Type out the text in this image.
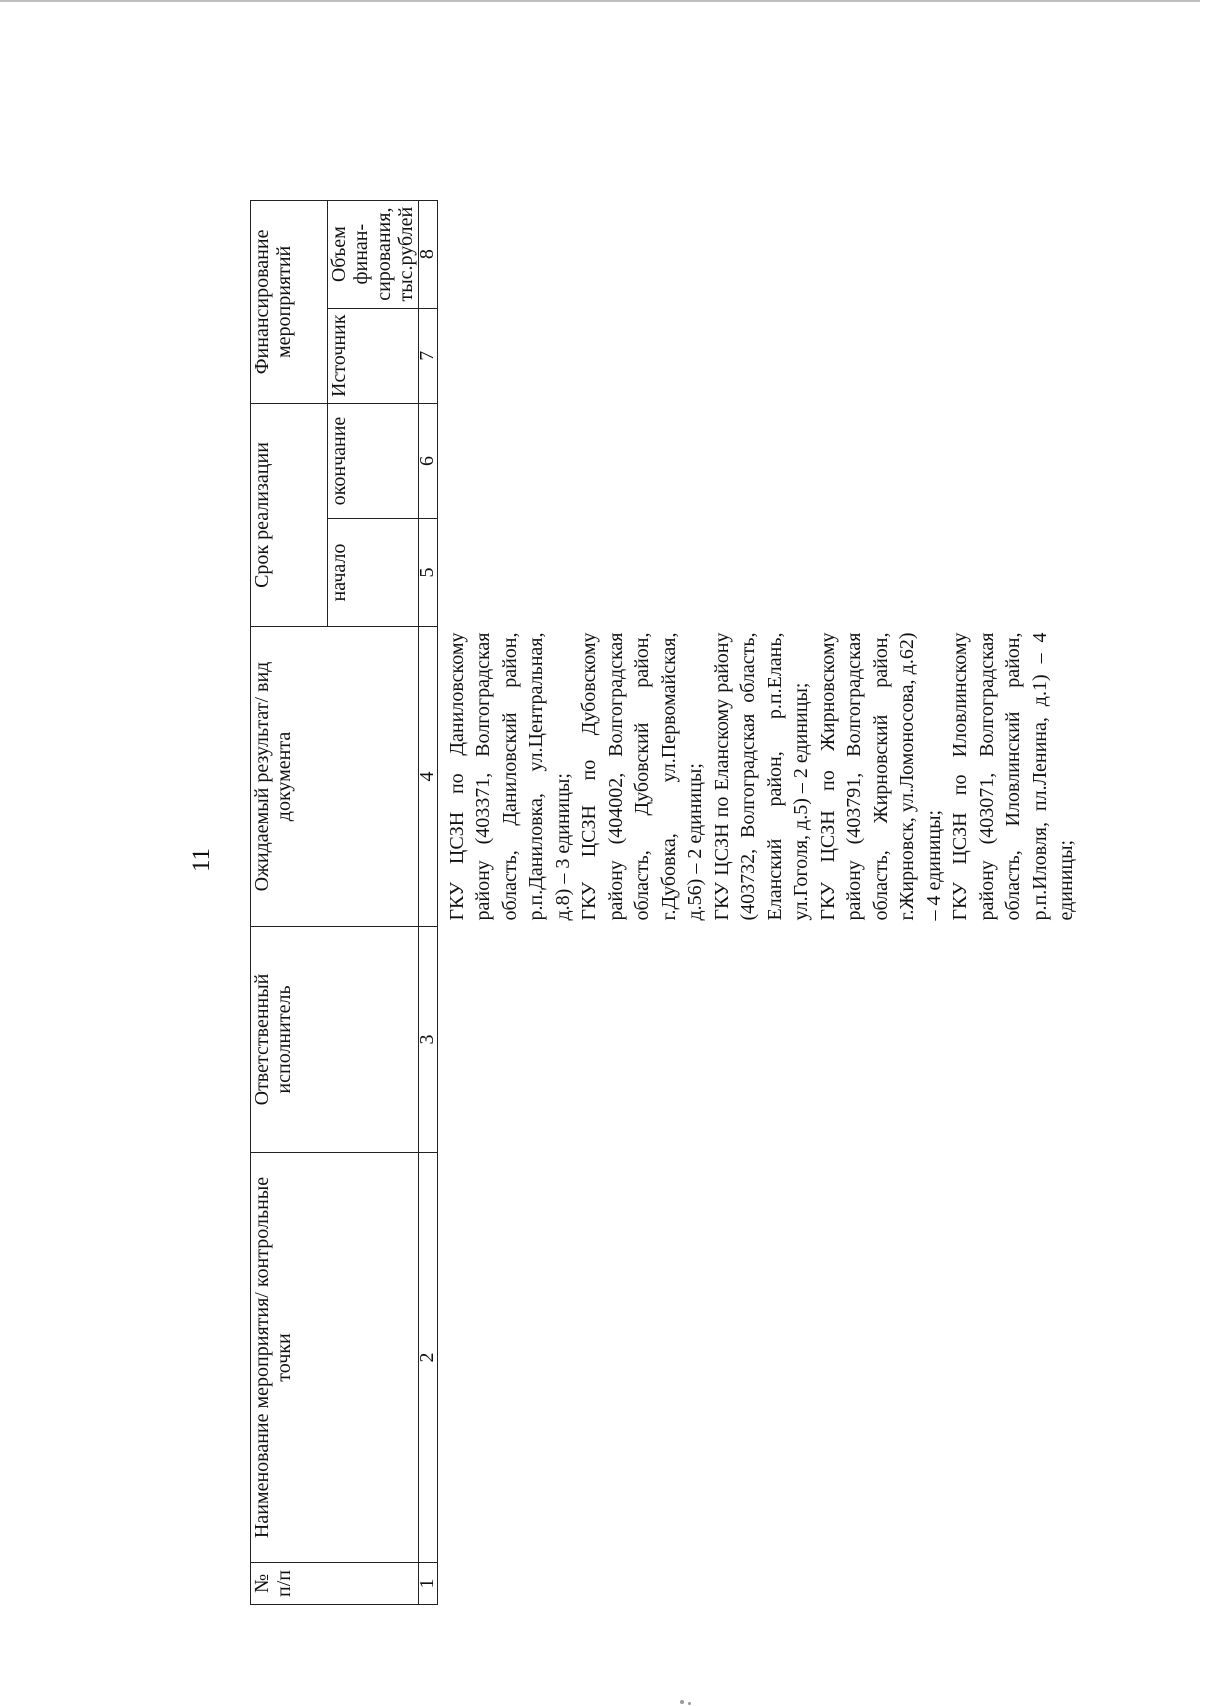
11
№ п/п	Наименование мероприятия/ контрольные точки	Ответственный исполнитель	Ожидаемый результат/ вид документа	Срок реализации		Финансирование мероприятий	
				начало	окончание	Источник	Объем финан-сирования, тыс.рублей
1	2	3	4	5	6	7	8

			ГКУ ЦСЗН по Даниловскому району (403371, Волгоградская область, Даниловский район, р.п.Даниловка, ул.Центральная, д.8) – 3 единицы; ГКУ ЦСЗН по Дубовскому району (404002, Волгоградская область, Дубовский район, г.Дубовка, ул.Первомайская, д.56) – 2 единицы; ГКУ ЦСЗН по Еланскому району (403732, Волгоградская область, Еланский район, р.п.Елань, ул.Гоголя, д.5) – 2 единицы; ГКУ ЦСЗН по Жирновскому району (403791, Волгоградская область, Жирновский район, г.Жирновск, ул.Ломоносова, д.62) – 4 единицы; ГКУ ЦСЗН по Иловлинскому району (403071, Волгоградская область, Иловлинский район, р.п.Иловля, пл.Ленина, д.1) – 4 единицы;				
